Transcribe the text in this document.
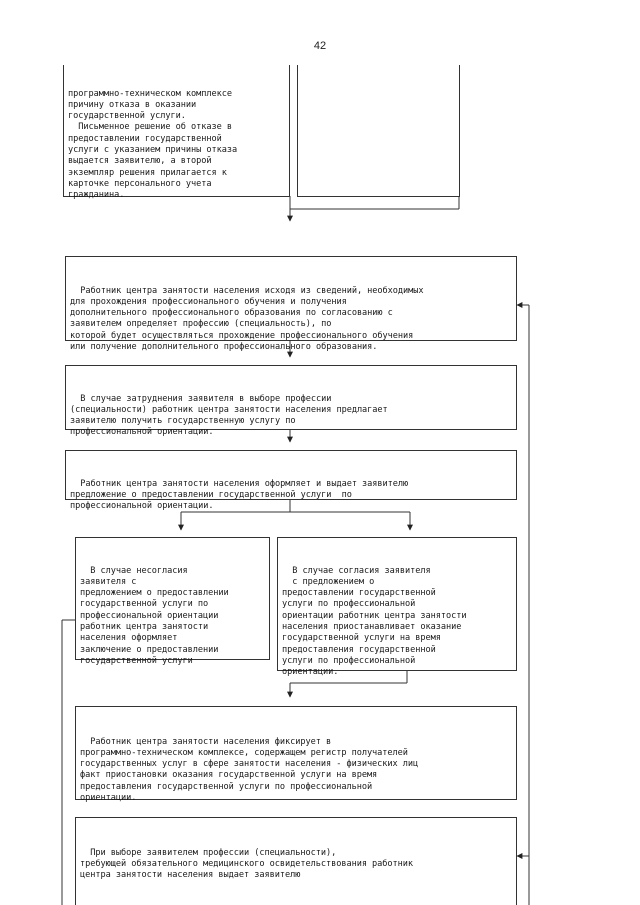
42

программно-техническом комплексе
причину отказа в оказании
государственной услуги.
Письменное решение об отказе в
предоставлении государственной
услуги с указанием причины отказа
выдается заявителю, а второй
экземпляр решения прилагается к
карточке персонального учета
гражданина.

Работник центра занятости населения исходя из сведений, необходимых
для прохождения профессионального обучения и получения
дополнительного профессионального образования по согласованию с
заявителем определяет профессию (специальность), по
которой будет осуществляться прохождение профессионального обучения
или получение дополнительного профессионального образования.

В случае затруднения заявителя в выборе профессии
(специальности) работник центра занятости населения предлагает
заявителю получить государственную услугу по
профессиональной ориентации.

Работник центра занятости населения оформляет и выдает заявителю
предложение о предоставлении государственной услуги  по
профессиональной ориентации.

В случае несогласия
заявителя с
предложением о предоставлении
государственной услуги по
профессиональной ориентации
работник центра занятости
населения оформляет
заключение о предоставлении
государственной услуги

В случае согласия заявителя
с предложением о
предоставлении государственной
услуги по профессиональной
ориентации работник центра занятости
населения приостанавливает оказание
государственной услуги на время
предоставления государственной
услуги по профессиональной
ориентации.

Работник центра занятости населения фиксирует в
программно-техническом комплексе, содержащем регистр получателей
государственных услуг в сфере занятости населения - физических лиц
факт приостановки оказания государственной услуги на время
предоставления государственной услуги по профессиональной
ориентации.

При выборе заявителем профессии (специальности),
требующей обязательного медицинского освидетельствования работник
центра занятости населения выдает заявителю
